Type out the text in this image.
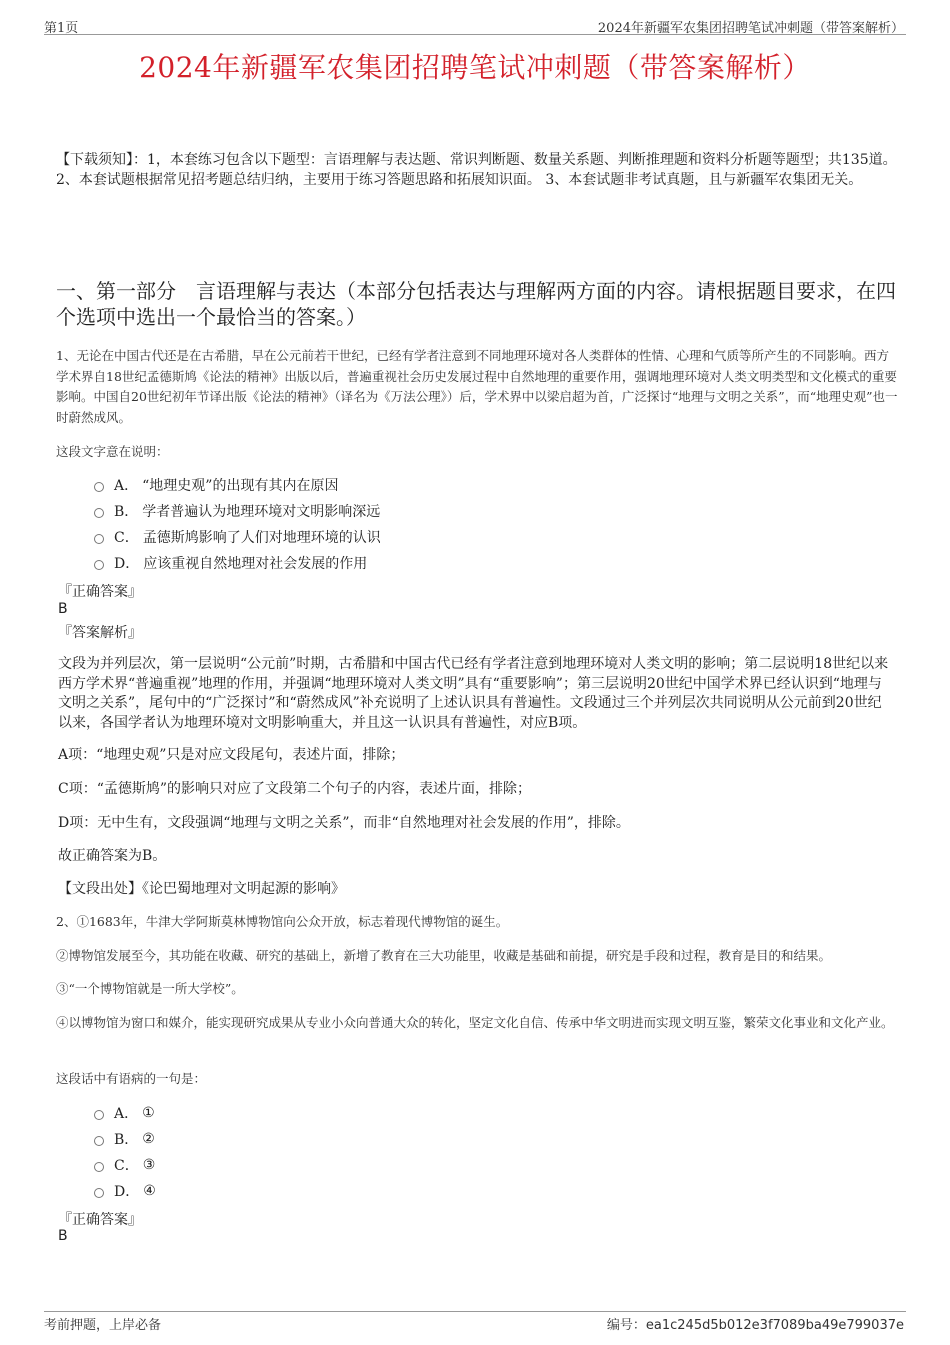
第1页	2024年新疆军农集团招聘笔试冲刺题（带答案解析）
2024年新疆军农集团招聘笔试冲刺题（带答案解析）
【下载须知】：1，本套练习包含以下题型：言语理解与表达题、常识判断题、数量关系题、判断推理题和资料分析题等题型；共135道。 2、本套试题根据常见招考题总结归纳，主要用于练习答题思路和拓展知识面。 3、本套试题非考试真题，且与新疆军农集团无关。
一、第一部分　言语理解与表达（本部分包括表达与理解两方面的内容。请根据题目要求，在四个选项中选出一个最恰当的答案。）
1、无论在中国古代还是在古希腊，早在公元前若干世纪，已经有学者注意到不同地理环境对各人类群体的性情、心理和气质等所产生的不同影响。西方学术界自18世纪孟德斯鸠《论法的精神》出版以后，普遍重视社会历史发展过程中自然地理的重要作用，强调地理环境对人类文明类型和文化模式的重要影响。中国自20世纪初年节译出版《论法的精神》（译名为《万法公理》）后，学术界中以梁启超为首，广泛探讨“地理与文明之关系”，而“地理史观”也一时蔚然成风。
这段文字意在说明：
A． “地理史观”的出现有其内在原因
B． 学者普遍认为地理环境对文明影响深远
C． 孟德斯鸠影响了人们对地理环境的认识
D． 应该重视自然地理对社会发展的作用
『正确答案』
B
『答案解析』
文段为并列层次，第一层说明“公元前”时期，古希腊和中国古代已经有学者注意到地理环境对人类文明的影响；第二层说明18世纪以来西方学术界“普遍重视”地理的作用，并强调“地理环境对人类文明”具有“重要影响”；第三层说明20世纪中国学术界已经认识到“地理与文明之关系”，尾句中的“广泛探讨”和“蔚然成风”补充说明了上述认识具有普遍性。文段通过三个并列层次共同说明从公元前到20世纪以来，各国学者认为地理环境对文明影响重大，并且这一认识具有普遍性，对应B项。
A项：“地理史观”只是对应文段尾句，表述片面，排除；
C项：“孟德斯鸠”的影响只对应了文段第二个句子的内容，表述片面，排除；
D项：无中生有，文段强调“地理与文明之关系”，而非“自然地理对社会发展的作用”，排除。
故正确答案为B。
【文段出处】《论巴蜀地理对文明起源的影响》
2、①1683年，牛津大学阿斯莫林博物馆向公众开放，标志着现代博物馆的诞生。
②博物馆发展至今，其功能在收藏、研究的基础上，新增了教育在三大功能里，收藏是基础和前提，研究是手段和过程，教育是目的和结果。
③“一个博物馆就是一所大学校”。
④以博物馆为窗口和媒介，能实现研究成果从专业小众向普通大众的转化，坚定文化自信、传承中华文明进而实现文明互鉴，繁荣文化事业和文化产业。
这段话中有语病的一句是：
A． ①
B． ②
C． ③
D． ④
『正确答案』
B
考前押题，上岸必备	编号：ea1c245d5b012e3f7089ba49e799037e
